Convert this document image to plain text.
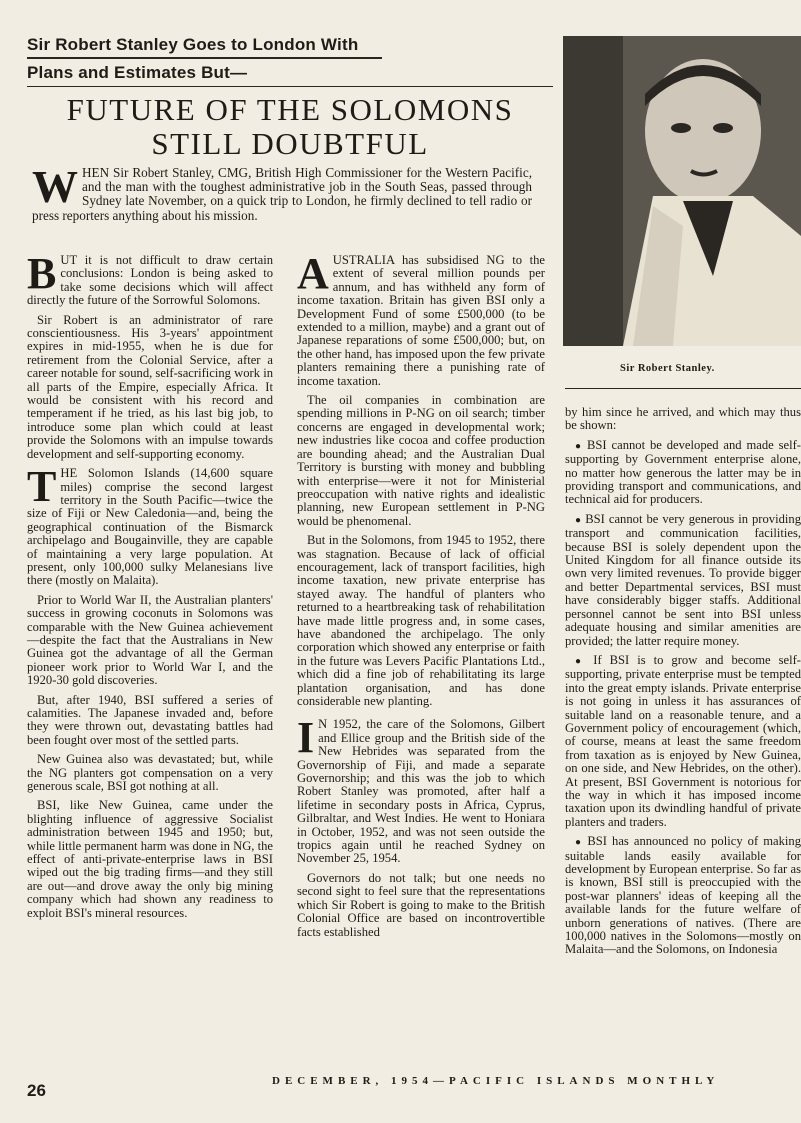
Sir Robert Stanley Goes to London With
Plans and Estimates But—
FUTURE OF THE SOLOMONS
STILL DOUBTFUL
WHEN Sir Robert Stanley, CMG, British High Commissioner for the Western Pacific, and the man with the toughest administrative job in the South Seas, passed through Sydney late November, on a quick trip to London, he firmly declined to tell radio or press reporters anything about his mission.
Sir Robert Stanley.

BUT it is not difficult to draw certain conclusions: London is being asked to take some decisions which will affect directly the future of the Sorrowful Solomons.

Sir Robert is an administrator of rare conscientiousness. His 3-years' appointment expires in mid-1955, when he is due for retirement from the Colonial Service, after a career notable for sound, self-sacrificing work in all parts of the Empire, especially Africa. It would be consistent with his record and temperament if he tried, as his last big job, to introduce some plan which could at least provide the Solomons with an impulse towards development and self-supporting economy.

THE Solomon Islands (14,600 square miles) comprise the second largest territory in the South Pacific—twice the size of Fiji or New Caledonia—and, being the geographical continuation of the Bismarck archipelago and Bougainville, they are capable of maintaining a very large population. At present, only 100,000 sulky Melanesians live there (mostly on Malaita).

Prior to World War II, the Australian planters' success in growing coconuts in Solomons was comparable with the New Guinea achievement—despite the fact that the Australians in New Guinea got the advantage of all the German pioneer work prior to World War I, and the 1920-30 gold discoveries.

But, after 1940, BSI suffered a series of calamities. The Japanese invaded and, before they were thrown out, devastating battles had been fought over most of the settled parts.

New Guinea also was devastated; but, while the NG planters got compensation on a very generous scale, BSI got nothing at all.

BSI, like New Guinea, came under the blighting influence of aggressive Socialist administration between 1945 and 1950; but, while little permanent harm was done in NG, the effect of anti-private-enterprise laws in BSI wiped out the big trading firms—and they still are out—and drove away the only big mining company which had shown any readiness to exploit BSI's mineral resources.

AUSTRALIA has subsidised NG to the extent of several million pounds per annum, and has withheld any form of income taxation. Britain has given BSI only a Development Fund of some £500,000 (to be extended to a million, maybe) and a grant out of Japanese reparations of some £500,000; but, on the other hand, has imposed upon the few private planters remaining there a punishing rate of income taxation.

The oil companies in combination are spending millions in P-NG on oil search; timber concerns are engaged in developmental work; new industries like cocoa and coffee production are bounding ahead; and the Australian Dual Territory is bursting with money and bubbling with enterprise—were it not for Ministerial preoccupation with native rights and idealistic planning, new European settlement in P-NG would be phenomenal.

But in the Solomons, from 1945 to 1952, there was stagnation. Because of lack of official encouragement, lack of transport facilities, high income taxation, new private enterprise has stayed away. The handful of planters who returned to a heartbreaking task of rehabilitation have made little progress and, in some cases, have abandoned the archipelago. The only corporation which showed any enterprise or faith in the future was Levers Pacific Plantations Ltd., which did a fine job of rehabilitating its large plantation organisation, and has done considerable new planting.

I N 1952, the care of the Solomons, Gilbert and Ellice group and the British side of the New Hebrides was separated from the Governorship of Fiji, and made a separate Governorship; and this was the job to which Robert Stanley was promoted, after half a lifetime in secondary posts in Africa, Cyprus, Gilbraltar, and West Indies. He went to Honiara in October, 1952, and was not seen outside the tropics again until he reached Sydney on November 25, 1954.

Governors do not talk; but one needs no second sight to feel sure that the representations which Sir Robert is going to make to the British Colonial Office are based on incontrovertible facts established

by him since he arrived, and which may thus be shown:

● BSI cannot be developed and made self-supporting by Government enterprise alone, no matter how generous the latter may be in providing transport and communications, and technical aid for producers.

● BSI cannot be very generous in providing transport and communication facilities, because BSI is solely dependent upon the United Kingdom for all finance outside its own very limited revenues. To provide bigger and better Departmental services, BSI must have considerably bigger staffs. Additional personnel cannot be sent into BSI unless adequate housing and similar amenities are provided; the latter require money.

● If BSI is to grow and become self-supporting, private enterprise must be tempted into the great empty islands. Private enterprise is not going in unless it has assurances of suitable land on a reasonable tenure, and a Government policy of encouragement (which, of course, means at least the same freedom from taxation as is enjoyed by New Guinea, on one side, and New Hebrides, on the other). At present, BSI Government is notorious for the way in which it has imposed income taxation upon its dwindling handful of private planters and traders.

● BSI has announced no policy of making suitable lands easily available for development by European enterprise. So far as is known, BSI still is preoccupied with the post-war planners' ideas of keeping all the available lands for the future welfare of unborn generations of natives. (There are 100,000 natives in the Solomons—mostly on Malaita—and the Solomons, on Indonesia

26	DECEMBER, 1954—PACIFIC ISLANDS MONTHLY
